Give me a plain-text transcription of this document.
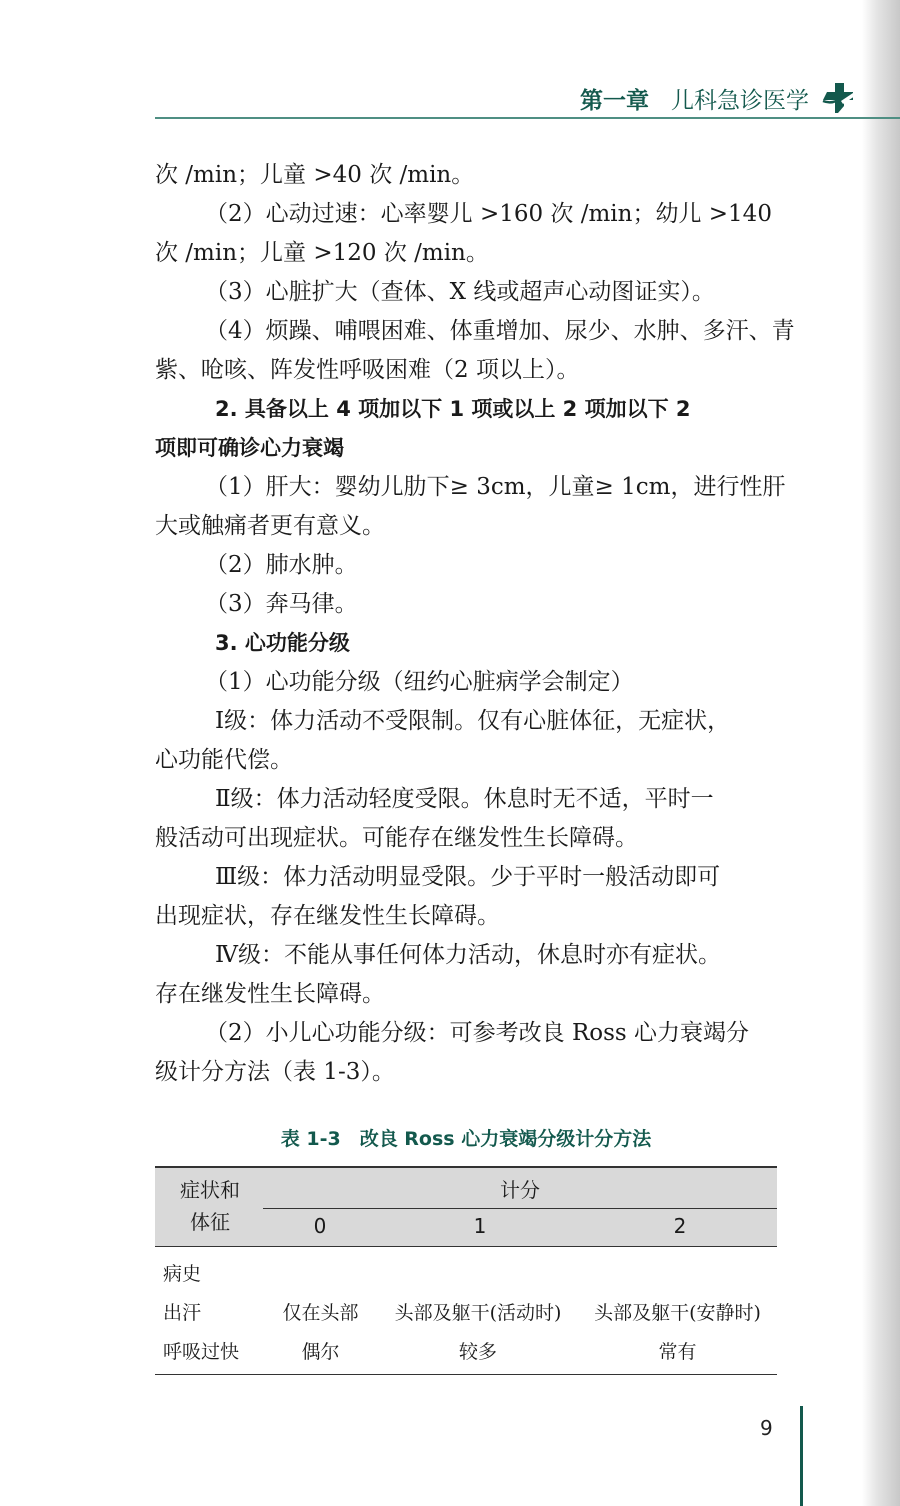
第一章 儿科急诊医学

次 /min；儿童 >40 次 /min。

（2）心动过速：心率婴儿 >160 次 /min；幼儿 >140

次 /min；儿童 >120 次 /min。

（3）心脏扩大（查体、X 线或超声心动图证实）。

（4）烦躁、哺喂困难、体重增加、尿少、水肿、多汗、青

紫、呛咳、阵发性呼吸困难（2 项以上）。

2. 具备以上 4 项加以下 1 项或以上 2 项加以下 2

项即可确诊心力衰竭

（1）肝大：婴幼儿肋下≥ 3cm，儿童≥ 1cm，进行性肝

大或触痛者更有意义。

（2）肺水肿。

（3）奔马律。

3. 心功能分级

（1）心功能分级（纽约心脏病学会制定）

Ⅰ级：体力活动不受限制。仅有心脏体征，无症状，

心功能代偿。

Ⅱ级：体力活动轻度受限。休息时无不适，平时一

般活动可出现症状。可能存在继发性生长障碍。

Ⅲ级：体力活动明显受限。少于平时一般活动即可

出现症状，存在继发性生长障碍。

Ⅳ级：不能从事任何体力活动，休息时亦有症状。

存在继发性生长障碍。

（2）小儿心功能分级：可参考改良 Ross 心力衰竭分

级计分方法（表 1-3）。

表 1-3　改良 Ross 心力衰竭分级计分方法
症状和
体征
计分
0	1	2
病史
出汗	仅在头部	头部及躯干(活动时)	头部及躯干(安静时)
呼吸过快	偶尔	较多	常有
9
